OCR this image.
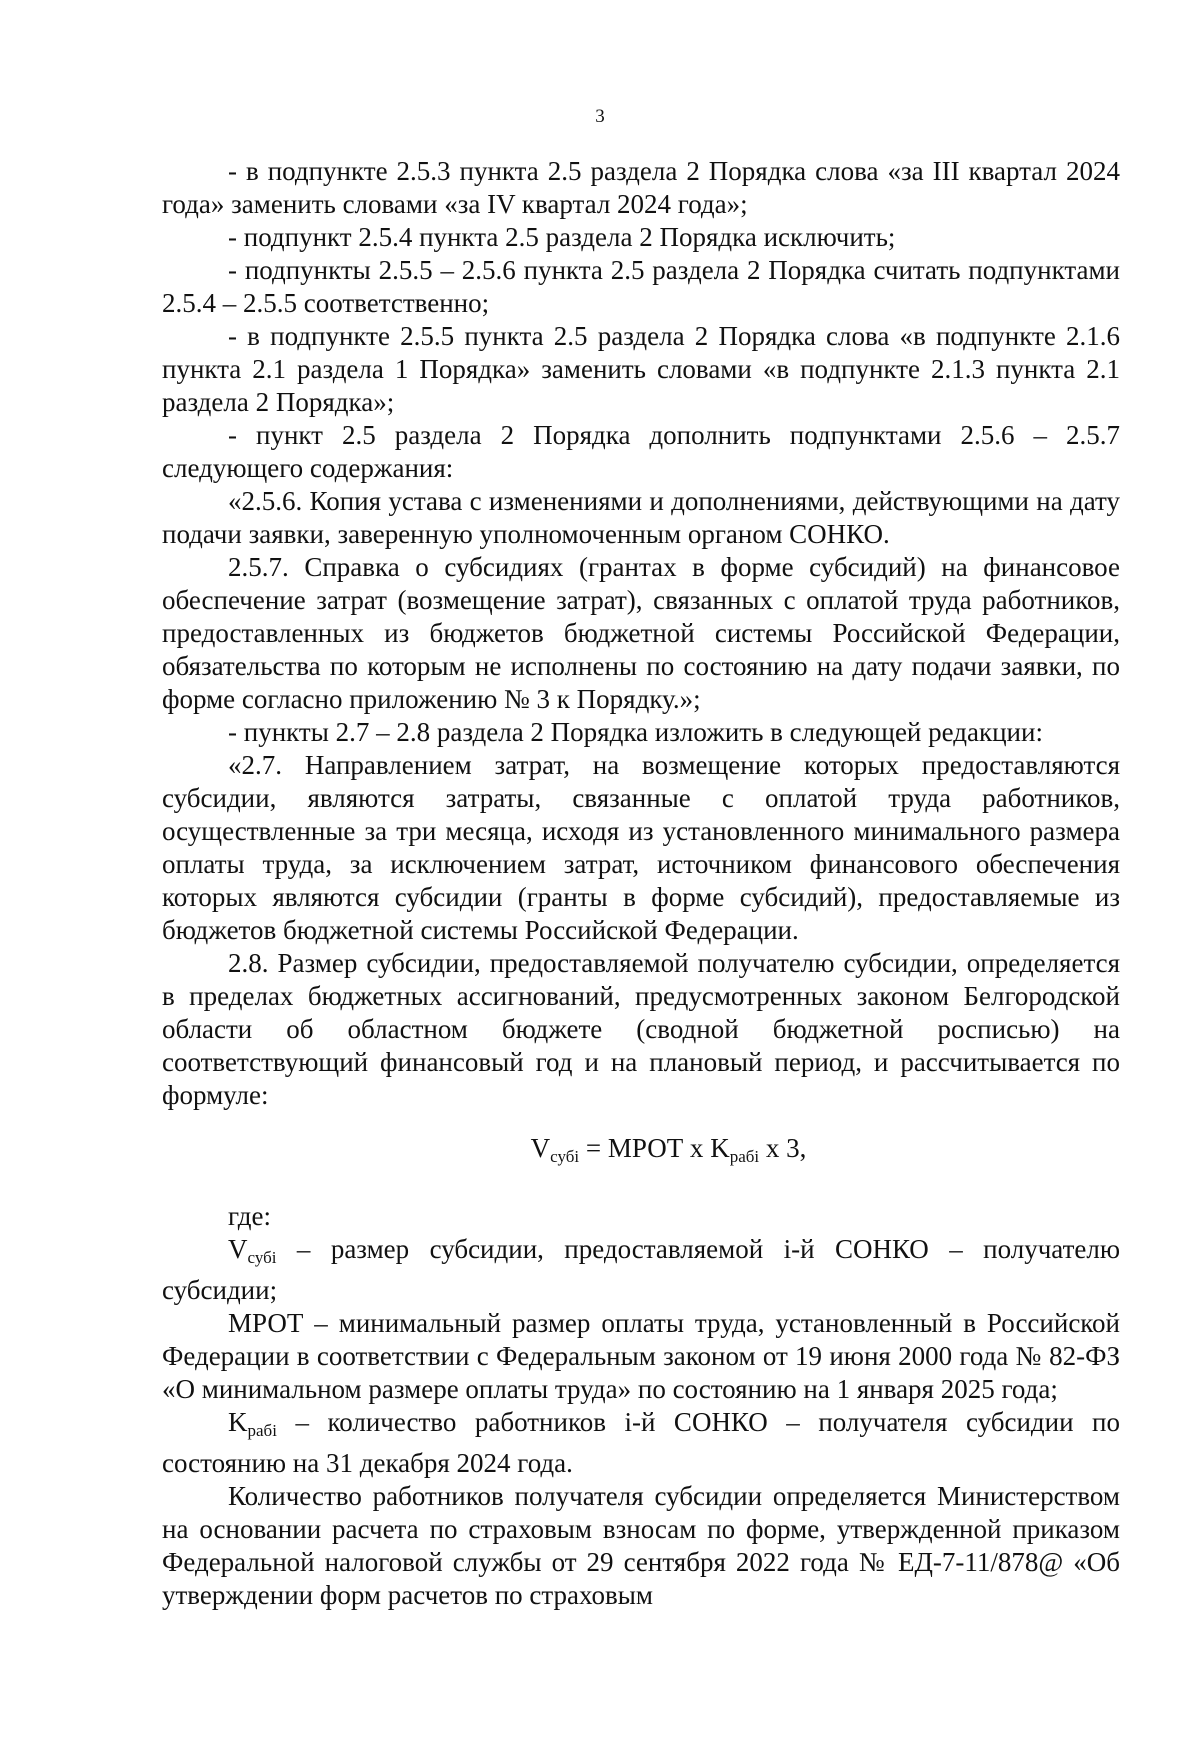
3

- в подпункте 2.5.3 пункта 2.5 раздела 2 Порядка слова «за III квартал 2024 года» заменить словами «за IV квартал 2024 года»;

- подпункт 2.5.4 пункта 2.5 раздела 2 Порядка исключить;

- подпункты 2.5.5 – 2.5.6 пункта 2.5 раздела 2 Порядка считать подпунктами 2.5.4 – 2.5.5 соответственно;

- в подпункте 2.5.5 пункта 2.5 раздела 2 Порядка слова «в подпункте 2.1.6 пункта 2.1 раздела 1 Порядка» заменить словами «в подпункте 2.1.3 пункта 2.1 раздела 2 Порядка»;

- пункт 2.5 раздела 2 Порядка дополнить подпунктами 2.5.6 – 2.5.7 следующего содержания:

«2.5.6. Копия устава с изменениями и дополнениями, действующими на дату подачи заявки, заверенную уполномоченным органом СОНКО.

2.5.7. Справка о субсидиях (грантах в форме субсидий) на финансовое обеспечение затрат (возмещение затрат), связанных с оплатой труда работников, предоставленных из бюджетов бюджетной системы Российской Федерации, обязательства по которым не исполнены по состоянию на дату подачи заявки, по форме согласно приложению № 3 к Порядку.»;

- пункты 2.7 – 2.8 раздела 2 Порядка изложить в следующей редакции:

«2.7. Направлением затрат, на возмещение которых предоставляются субсидии, являются затраты, связанные с оплатой труда работников, осуществленные за три месяца, исходя из установленного минимального размера оплаты труда, за исключением затрат, источником финансового обеспечения которых являются субсидии (гранты в форме субсидий), предоставляемые из бюджетов бюджетной системы Российской Федерации.

2.8. Размер субсидии, предоставляемой получателю субсидии, определяется в пределах бюджетных ассигнований, предусмотренных законом Белгородской области об областном бюджете (сводной бюджетной росписью) на соответствующий финансовый год и на плановый период, и рассчитывается по формуле:

$V_{субi}$ = МРОТ х $K_{рабi}$ х 3,

где:

$V_{субi}$ – размер субсидии, предоставляемой i-й СОНКО – получателю субсидии;

МРОТ – минимальный размер оплаты труда, установленный в Российской Федерации в соответствии с Федеральным законом от 19 июня 2000 года № 82-ФЗ «О минимальном размере оплаты труда» по состоянию на 1 января 2025 года;

$K_{рабi}$ – количество работников i-й СОНКО – получателя субсидии по состоянию на 31 декабря 2024 года.

Количество работников получателя субсидии определяется Министерством на основании расчета по страховым взносам по форме, утвержденной приказом Федеральной налоговой службы от 29 сентября 2022 года № ЕД-7-11/878@ «Об утверждении форм расчетов по страховым
